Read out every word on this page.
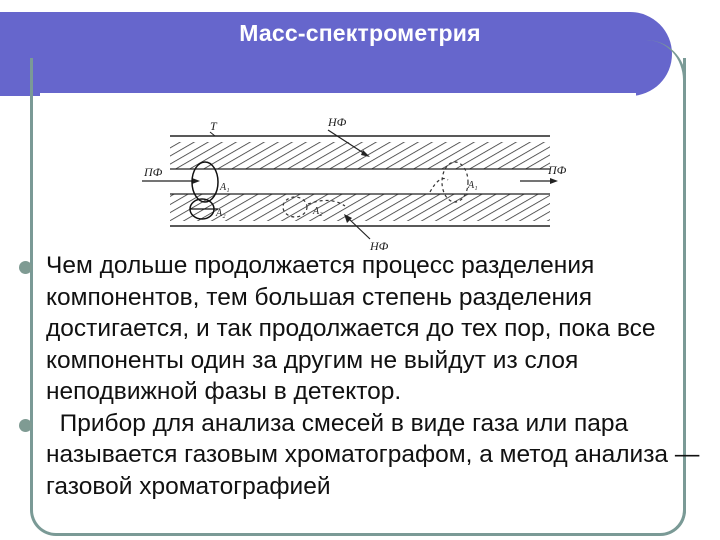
Масс-спектрометрия
T	НФ
НФ
ПФ	ПФ
A₁
A₂	A₂
A₁
Чем дольше продолжается процесс разделения компонентов, тем большая степень разделения достигается, и так продолжается до тех пор, пока все компоненты один за другим не выйдут из слоя неподвижной фазы в детектор.
Прибор для анализа смесей в виде газа или пара называется газовым хроматографом, а метод анализа — газовой хроматографией
